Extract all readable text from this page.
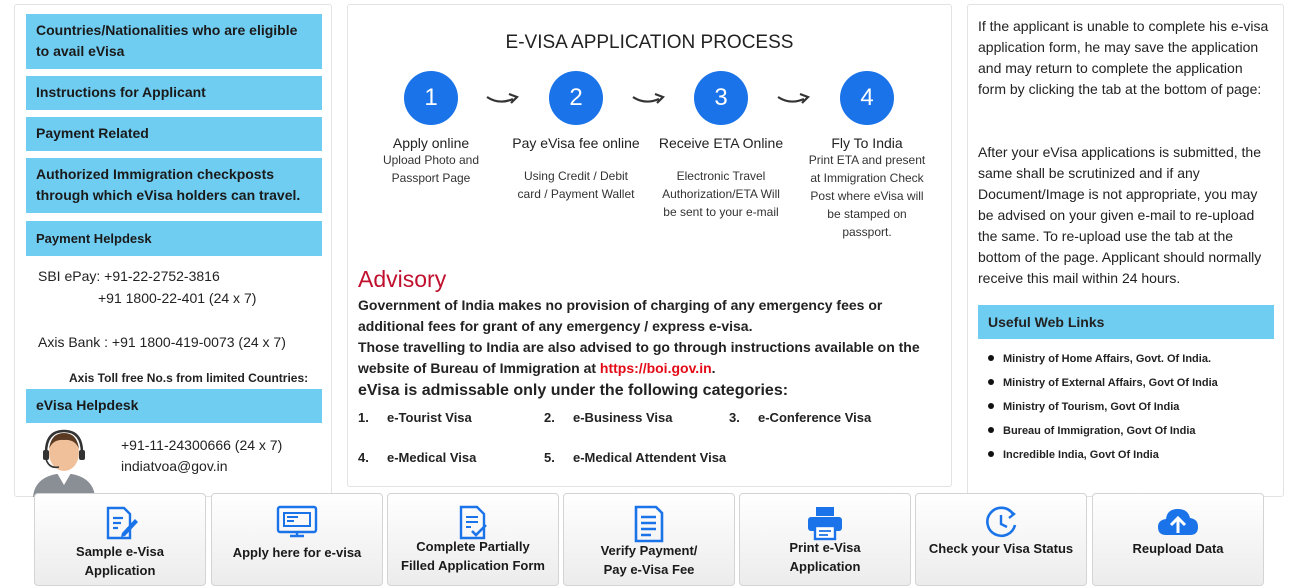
Countries/Nationalities who are eligible to avail eVisa
Instructions for Applicant
Payment Related
Authorized Immigration checkposts through which eVisa holders can travel.
Payment Helpdesk
SBI ePay: +91-22-2752-3816
+91 1800-22-401 (24 x 7)
Axis Bank : +91 1800-419-0073 (24 x 7)
Axis Toll free No.s from limited Countries:
eVisa Helpdesk
+91-11-24300666 (24 x 7)
indiatvoa@gov.in
E-VISA APPLICATION PROCESS
1
Apply online
Upload Photo and Passport Page
2
Pay eVisa fee online
Using Credit / Debit card / Payment Wallet
3
Receive ETA Online
Electronic Travel Authorization/ETA Will be sent to your e-mail
4
Fly To India
Print ETA and present at Immigration Check Post where eVisa will be stamped on passport.
Advisory
Government of India makes no provision of charging of any emergency fees or additional fees for grant of any emergency / express e-visa.
Those travelling to India are also advised to go through instructions available on the website of Bureau of Immigration at https://boi.gov.in.
eVisa is admissable only under the following categories:
1. e-Tourist Visa	2. e-Business Visa	3. e-Conference Visa
4. e-Medical Visa	5. e-Medical Attendent Visa
If the applicant is unable to complete his e-visa application form, he may save the application and may return to complete the application form by clicking the tab at the bottom of page:
After your eVisa applications is submitted, the same shall be scrutinized and if any Document/Image is not appropriate, you may be advised on your given e-mail to re-upload the same. To re-upload use the tab at the bottom of the page. Applicant should normally receive this mail within 24 hours.
Useful Web Links
Ministry of Home Affairs, Govt. Of India.
Ministry of External Affairs, Govt Of India
Ministry of Tourism, Govt Of India
Bureau of Immigration, Govt Of India
Incredible India, Govt Of India
Sample e-Visa
Application
Apply here for e-visa	Complete Partially
Filled Application Form
Verify Payment/
Pay e-Visa Fee
Print e-Visa
Application
Check your Visa Status	Reupload Data
